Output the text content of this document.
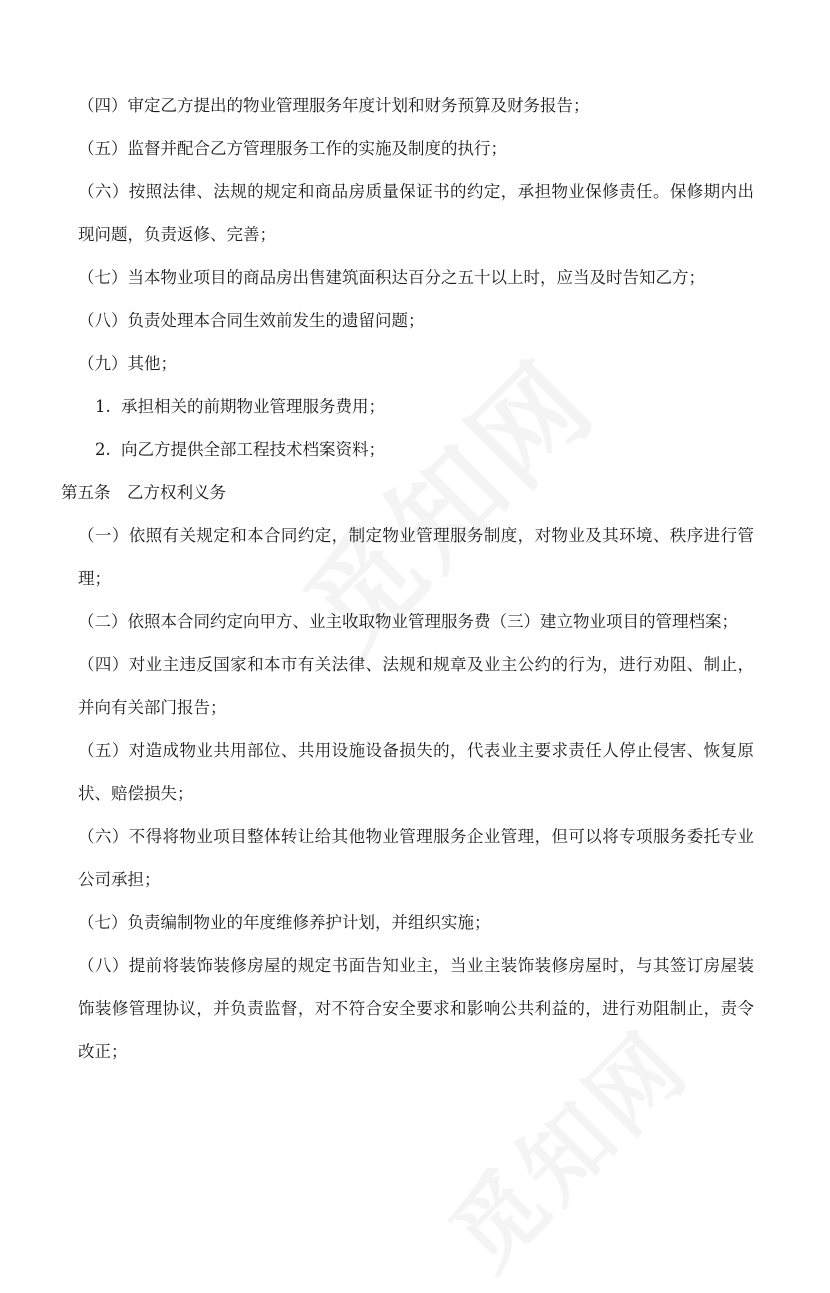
（四）审定乙方提出的物业管理服务年度计划和财务预算及财务报告；

（五）监督并配合乙方管理服务工作的实施及制度的执行；

（六）按照法律、法规的规定和商品房质量保证书的约定，承担物业保修责任。保修期内出现问题，负责返修、完善；

（七）当本物业项目的商品房出售建筑面积达百分之五十以上时，应当及时告知乙方；

（八）负责处理本合同生效前发生的遗留问题；

（九）其他；

1. 承担相关的前期物业管理服务费用；

2. 向乙方提供全部工程技术档案资料；

第五条　乙方权利义务

（一）依照有关规定和本合同约定，制定物业管理服务制度，对物业及其环境、秩序进行管理；

（二）依照本合同约定向甲方、业主收取物业管理服务费（三）建立物业项目的管理档案；

（四）对业主违反国家和本市有关法律、法规和规章及业主公约的行为，进行劝阻、制止，并向有关部门报告；

（五）对造成物业共用部位、共用设施设备损失的，代表业主要求责任人停止侵害、恢复原状、赔偿损失；

（六）不得将物业项目整体转让给其他物业管理服务企业管理，但可以将专项服务委托专业公司承担；

（七）负责编制物业的年度维修养护计划，并组织实施；

（八）提前将装饰装修房屋的规定书面告知业主，当业主装饰装修房屋时，与其签订房屋装饰装修管理协议，并负责监督，对不符合安全要求和影响公共利益的，进行劝阻制止，责令改正；
